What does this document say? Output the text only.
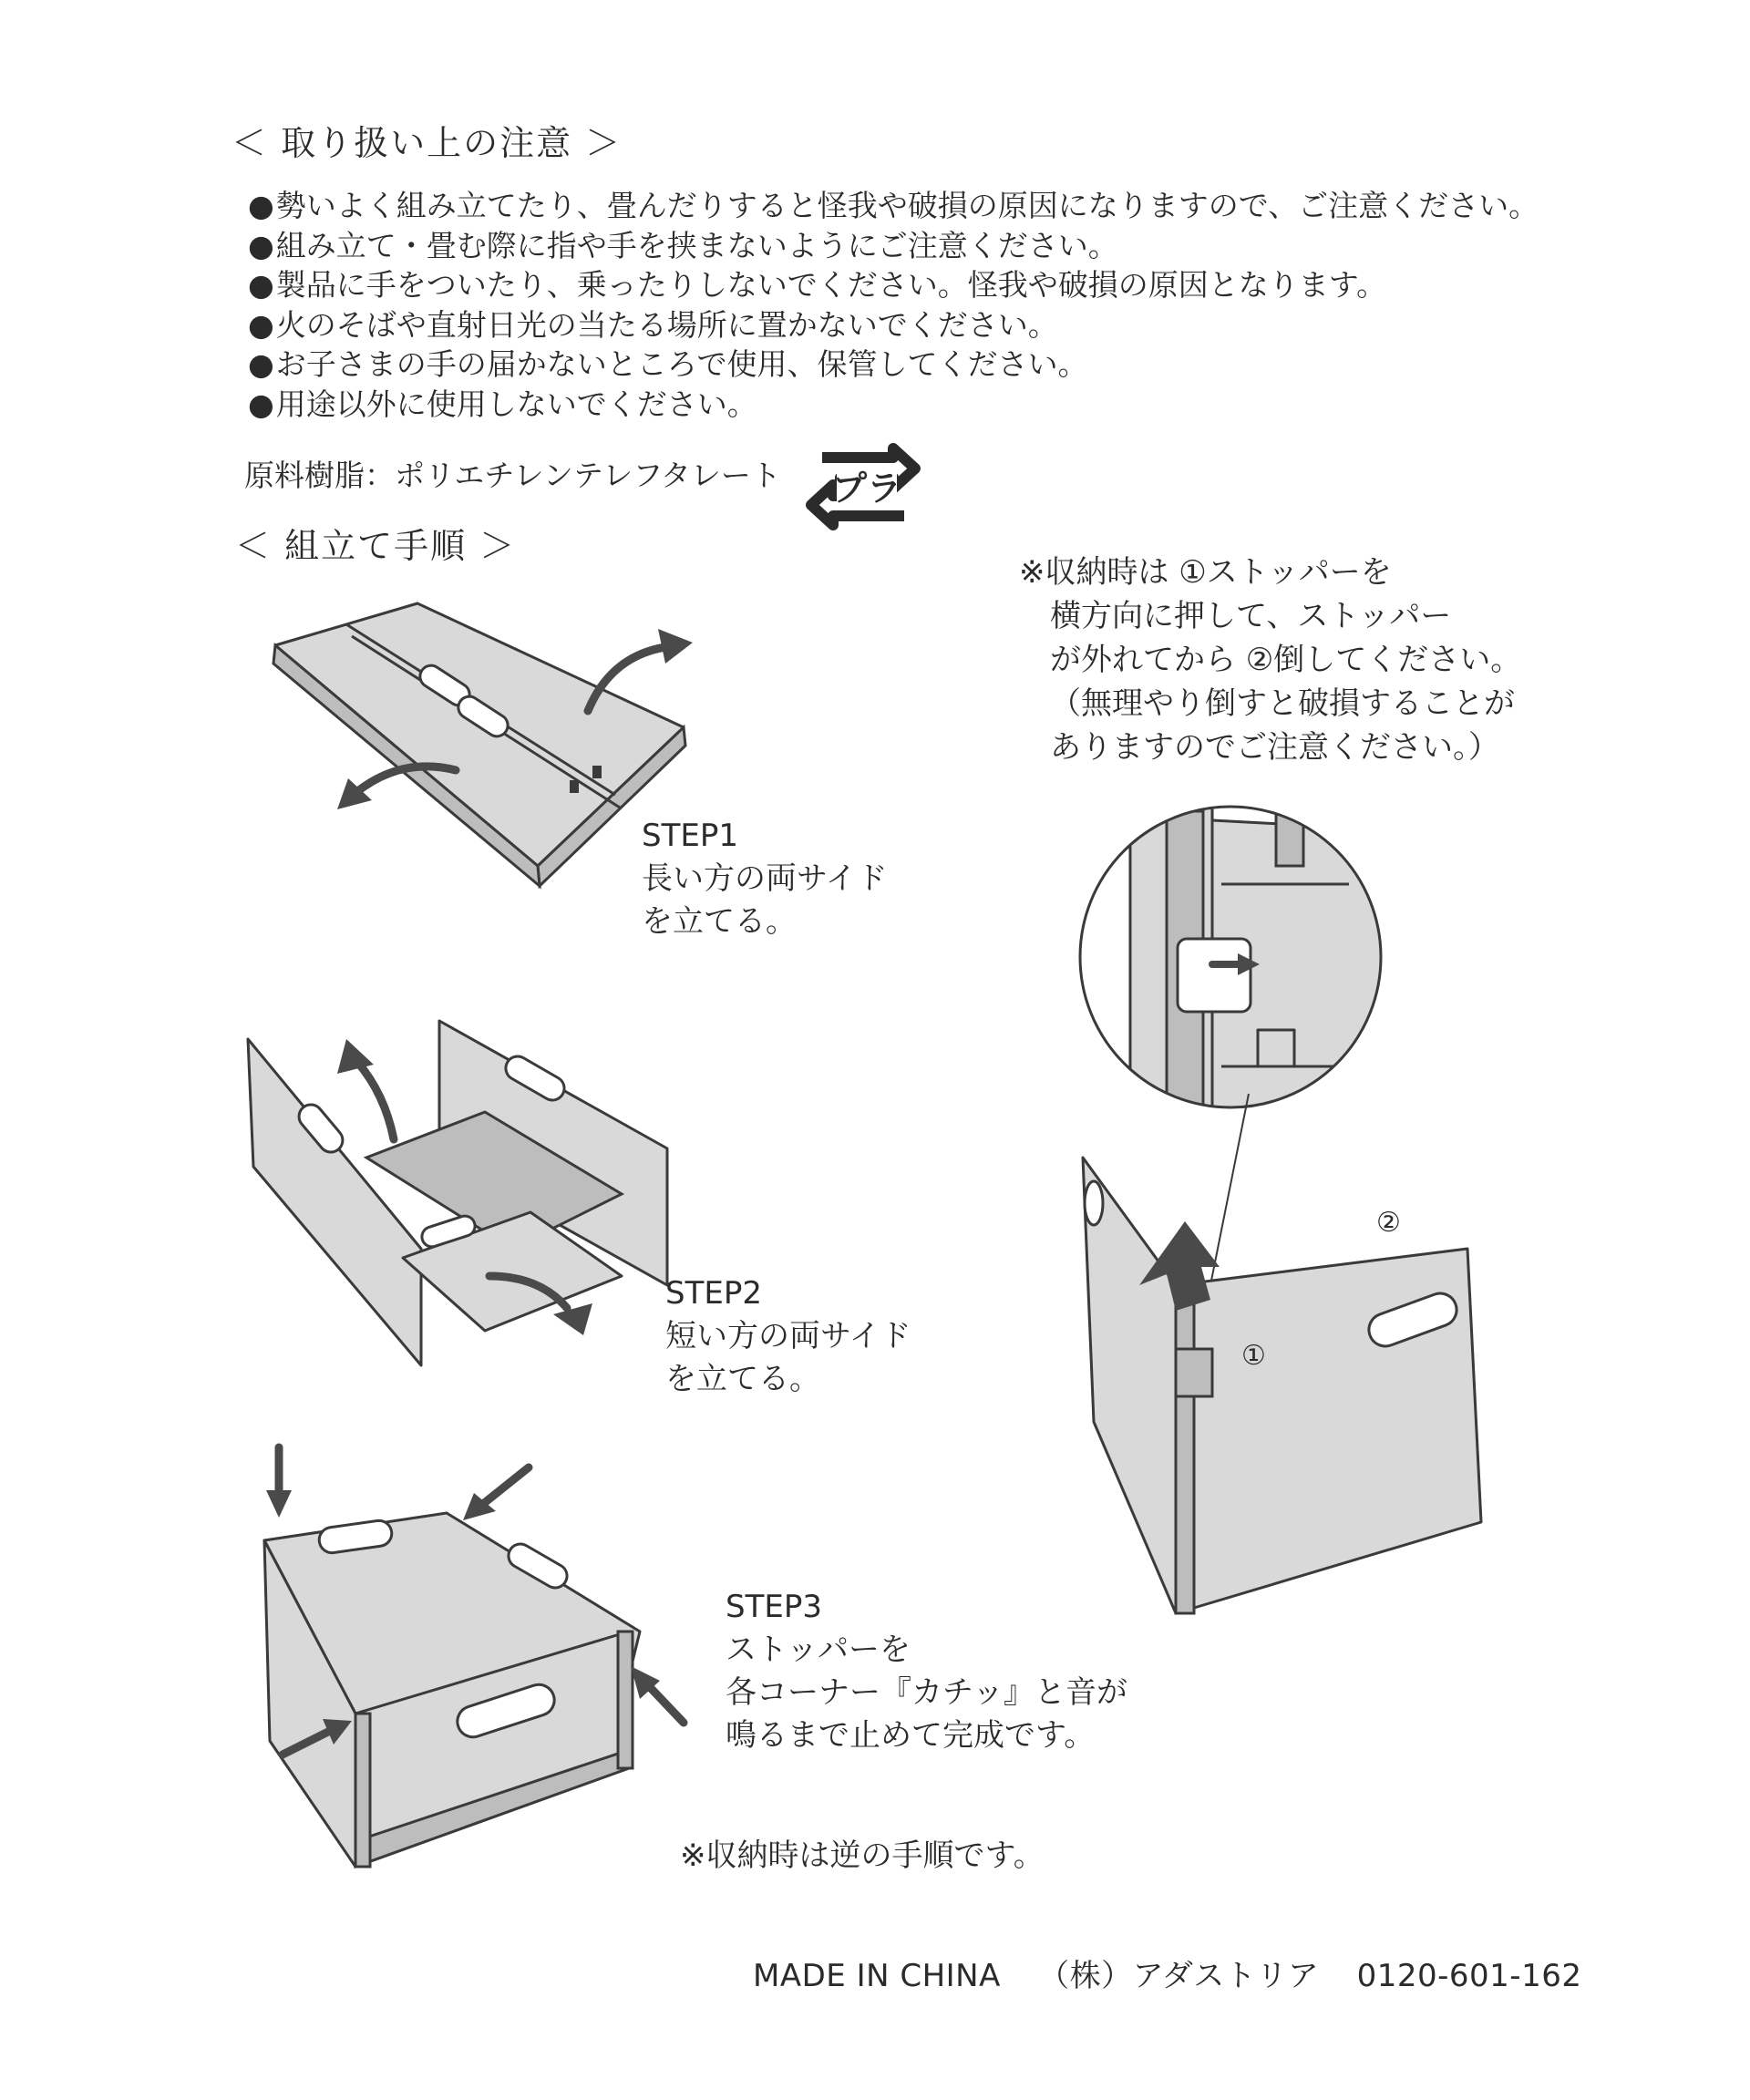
＜ 取り扱い上の注意 ＞
● 勢いよく組み立てたり、畳んだりすると怪我や破損の原因になりますので、ご注意ください。
● 組み立て・畳む際に指や手を挟まないようにご注意ください。
● 製品に手をついたり、乗ったりしないでください。怪我や破損の原因となります。
● 火のそばや直射日光の当たる場所に置かないでください。
● お子さまの手の届かないところで使用、保管してください。
● 用途以外に使用しないでください。
原料樹脂：ポリエチレンテレフタレート プラ
＜ 組立て手順 ＞
※収納時は ①ストッパーを
横方向に押して、ストッパー
が外れてから ②倒してください。
（無理やり倒すと破損することが
ありますのでご注意ください。）
STEP1
長い方の両サイド
を立てる。
STEP2
短い方の両サイド
を立てる。
STEP3
ストッパーを
各コーナー『カチッ』と音が
鳴るまで止めて完成です。
①
②
※収納時は逆の手順です。
MADE IN CHINA （株）アダストリア 0120-601-162
